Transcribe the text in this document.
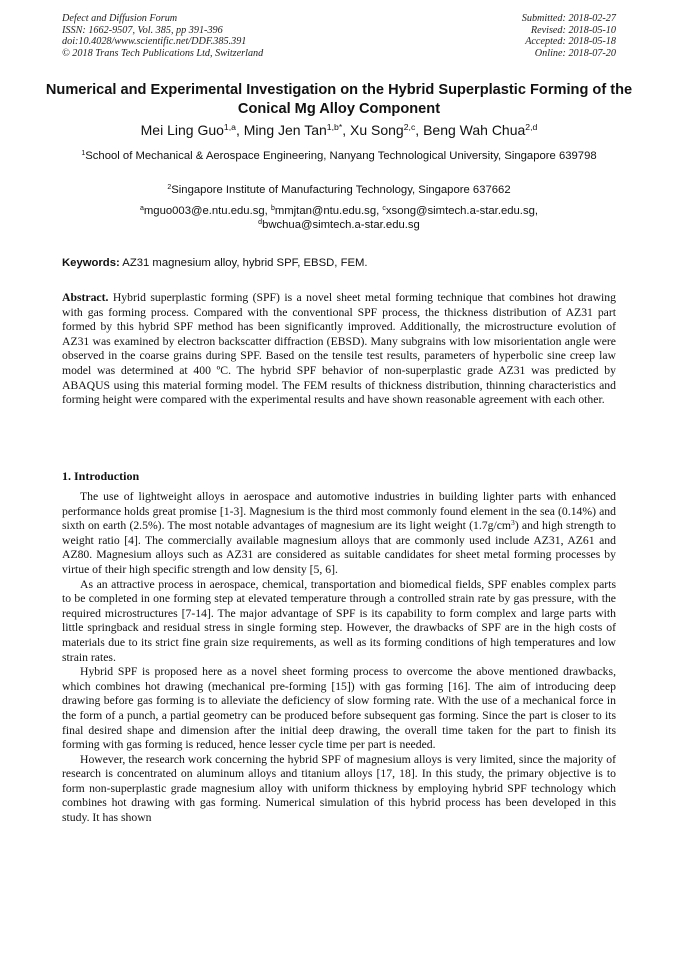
Defect and Diffusion Forum
ISSN: 1662-9507, Vol. 385, pp 391-396
doi:10.4028/www.scientific.net/DDF.385.391
© 2018 Trans Tech Publications Ltd, Switzerland
Submitted: 2018-02-27
Revised: 2018-05-10
Accepted: 2018-05-18
Online: 2018-07-20
Numerical and Experimental Investigation on the Hybrid Superplastic Forming of the Conical Mg Alloy Component
Mei Ling Guo$^{1,a}$, Ming Jen Tan$^{1,b*}$, Xu Song$^{2,c}$, Beng Wah Chua$^{2,d}$
$^1$School of Mechanical & Aerospace Engineering, Nanyang Technological University, Singapore 639798
$^2$Singapore Institute of Manufacturing Technology, Singapore 637662
$^a$mguo003@e.ntu.edu.sg, $^b$mmjtan@ntu.edu.sg, $^c$xsong@simtech.a-star.edu.sg,
$^d$bwchua@simtech.a-star.edu.sg
Keywords: AZ31 magnesium alloy, hybrid SPF, EBSD, FEM.

Abstract. Hybrid superplastic forming (SPF) is a novel sheet metal forming technique that combines hot drawing with gas forming process. Compared with the conventional SPF process, the thickness distribution of AZ31 part formed by this hybrid SPF method has been significantly improved. Additionally, the microstructure evolution of AZ31 was examined by electron backscatter diffraction (EBSD). Many subgrains with low misorientation angle were observed in the coarse grains during SPF. Based on the tensile test results, parameters of hyperbolic sine creep law model was determined at 400 ºC. The hybrid SPF behavior of non-superplastic grade AZ31 was predicted by ABAQUS using this material forming model. The FEM results of thickness distribution, thinning characteristics and forming height were compared with the experimental results and have shown reasonable agreement with each other.

1. Introduction

The use of lightweight alloys in aerospace and automotive industries in building lighter parts with enhanced performance holds great promise [1-3]. Magnesium is the third most commonly found element in the sea (0.14%) and sixth on earth (2.5%). The most notable advantages of magnesium are its light weight $(1.7g/cm^3)$ and high strength to weight ratio [4]. The commercially available magnesium alloys that are commonly used include AZ31, AZ61 and AZ80. Magnesium alloys such as AZ31 are considered as suitable candidates for sheet metal forming processes by virtue of their high specific strength and low density [5, 6].

As an attractive process in aerospace, chemical, transportation and biomedical fields, SPF enables complex parts to be completed in one forming step at elevated temperature through a controlled strain rate by gas pressure, with the required microstructures [7-14]. The major advantage of SPF is its capability to form complex and large parts with little springback and residual stress in single forming step. However, the drawbacks of SPF are in the high costs of materials due to its strict fine grain size requirements, as well as its forming conditions of high temperatures and low strain rates.

Hybrid SPF is proposed here as a novel sheet forming process to overcome the above mentioned drawbacks, which combines hot drawing (mechanical pre-forming [15]) with gas forming [16]. The aim of introducing deep drawing before gas forming is to alleviate the deficiency of slow forming rate. With the use of a mechanical force in the form of a punch, a partial geometry can be produced before subsequent gas forming. Since the part is closer to its final desired shape and dimension after the initial deep drawing, the overall time taken for the part to finish its forming with gas forming is reduced, hence lesser cycle time per part is needed.

However, the research work concerning the hybrid SPF of magnesium alloys is very limited, since the majority of research is concentrated on aluminum alloys and titanium alloys [17, 18]. In this study, the primary objective is to form non-superplastic grade magnesium alloy with uniform thickness by employing hybrid SPF technology which combines hot drawing with gas forming. Numerical simulation of this hybrid process has been developed in this study. It has shown
